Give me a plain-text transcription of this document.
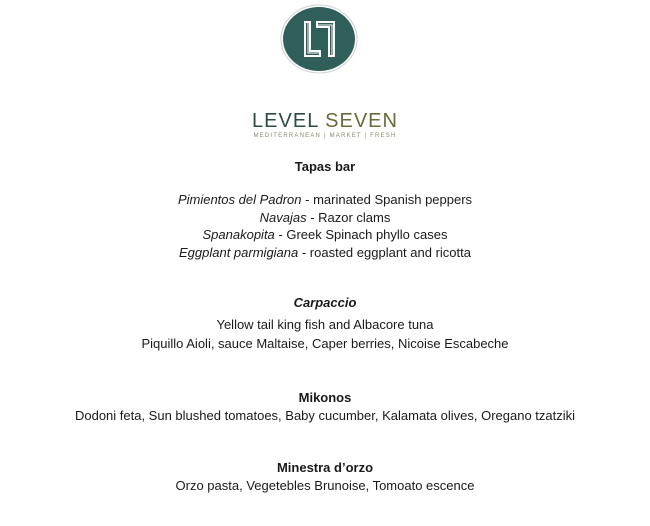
LEVEL SEVEN
MEDITERRANEAN | MARKET | FRESH
Tapas bar
Pimientos del Padron - marinated Spanish peppers
Navajas - Razor clams
Spanakopita - Greek Spinach phyllo cases
Eggplant parmigiana - roasted eggplant and ricotta
Carpaccio
Yellow tail king fish and Albacore tuna
Piquillo Aioli, sauce Maltaise, Caper berries, Nicoise Escabeche
Mikonos
Dodoni feta, Sun blushed tomatoes, Baby cucumber, Kalamata olives, Oregano tzatziki
Minestra d’orzo
Orzo pasta, Vegetebles Brunoise, Tomoato escence
